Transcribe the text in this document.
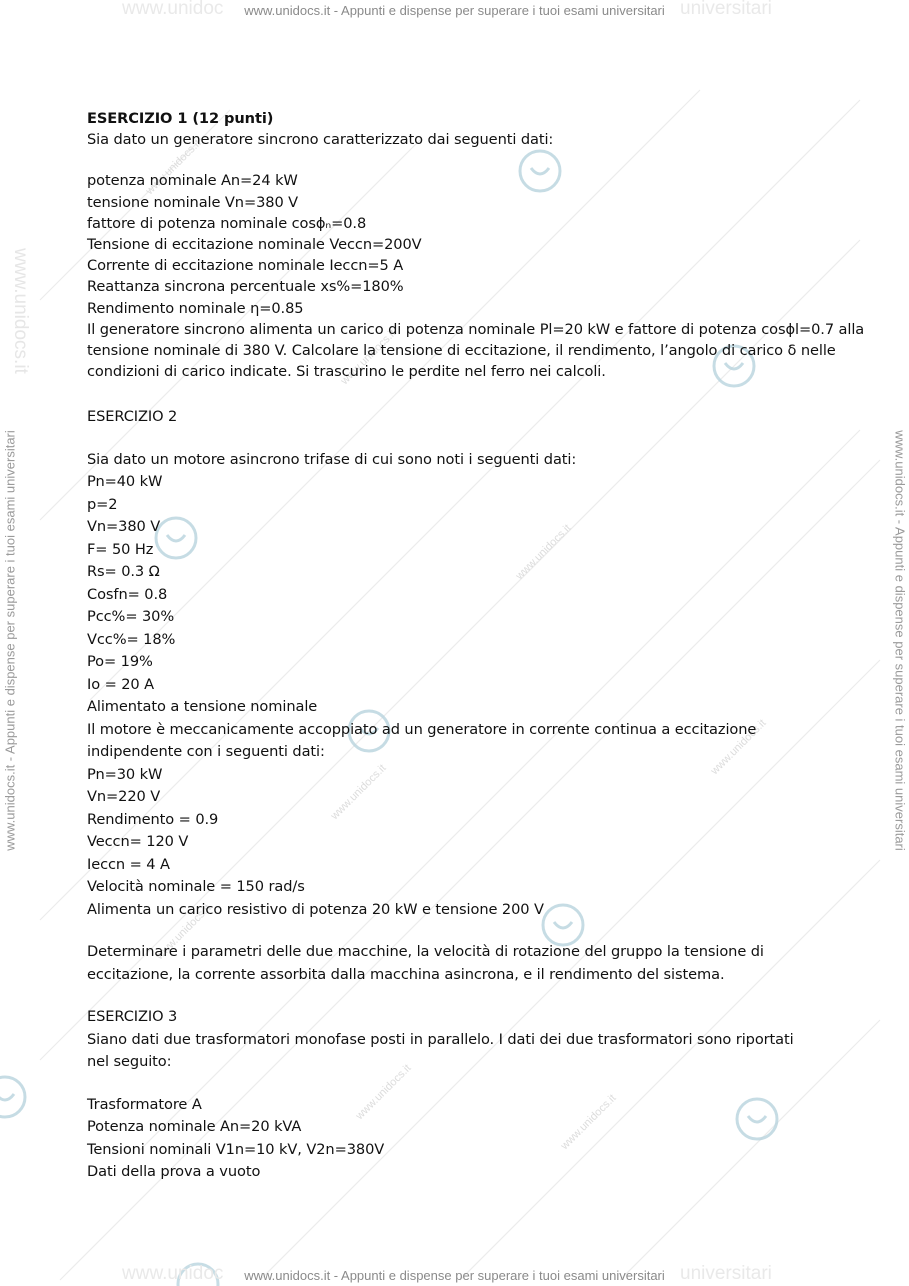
www.unidocs.it
www.unidocs.it
www.unidocs.it
www.unidocs.it
www.unidocs.it
www.unidocs.it
www.unidocs.it
www.unidocs.it
www.unidoc	universitari
www.unidocs.it - Appunti e dispense per superare i tuoi esami universitari
www.unidocs.it - Appunti e dispense per superare i tuoi esami universitari	www.unidocs.it - Appunti e dispense per superare i tuoi esami universitari
www.unidocs.it
www.unidoc	universitari
www.unidocs.it - Appunti e dispense per superare i tuoi esami universitari
ESERCIZIO 1 (12 punti)
Sia dato un generatore sincrono caratterizzato dai seguenti dati:
potenza nominale An=24 kW
tensione nominale Vn=380 V
fattore di potenza nominale cosϕₙ=0.8
Tensione di eccitazione nominale Veccn=200V
Corrente di eccitazione nominale Ieccn=5 A
Reattanza sincrona percentuale xs%=180%
Rendimento nominale η=0.85
Il generatore sincrono alimenta un carico di potenza nominale Pl=20 kW e fattore di potenza cosϕl=0.7 alla
tensione nominale di 380 V. Calcolare la tensione di eccitazione, il rendimento, l’angolo di carico δ nelle
condizioni di carico indicate. Si trascurino le perdite nel ferro nei calcoli.
ESERCIZIO 2
Sia dato un motore asincrono trifase di cui sono noti i seguenti dati:
Pn=40 kW
p=2
Vn=380 V
F= 50 Hz
Rs= 0.3 Ω
Cosfn= 0.8
Pcc%= 30%
Vcc%= 18%
Po= 19%
Io = 20 A
Alimentato a tensione nominale
Il motore è meccanicamente accoppiato ad un generatore in corrente continua a eccitazione
indipendente con i seguenti dati:
Pn=30 kW
Vn=220 V
Rendimento = 0.9
Veccn= 120 V
Ieccn = 4 A
Velocità nominale = 150 rad/s
Alimenta un carico resistivo di potenza 20 kW e tensione 200 V
Determinare i parametri delle due macchine, la velocità di rotazione del gruppo la tensione di
eccitazione, la corrente assorbita dalla macchina asincrona, e il rendimento del sistema.
ESERCIZIO 3
Siano dati due trasformatori monofase posti in parallelo. I dati dei due trasformatori sono riportati
nel seguito:
Trasformatore A
Potenza nominale An=20 kVA
Tensioni nominali V1n=10 kV, V2n=380V
Dati della prova a vuoto
